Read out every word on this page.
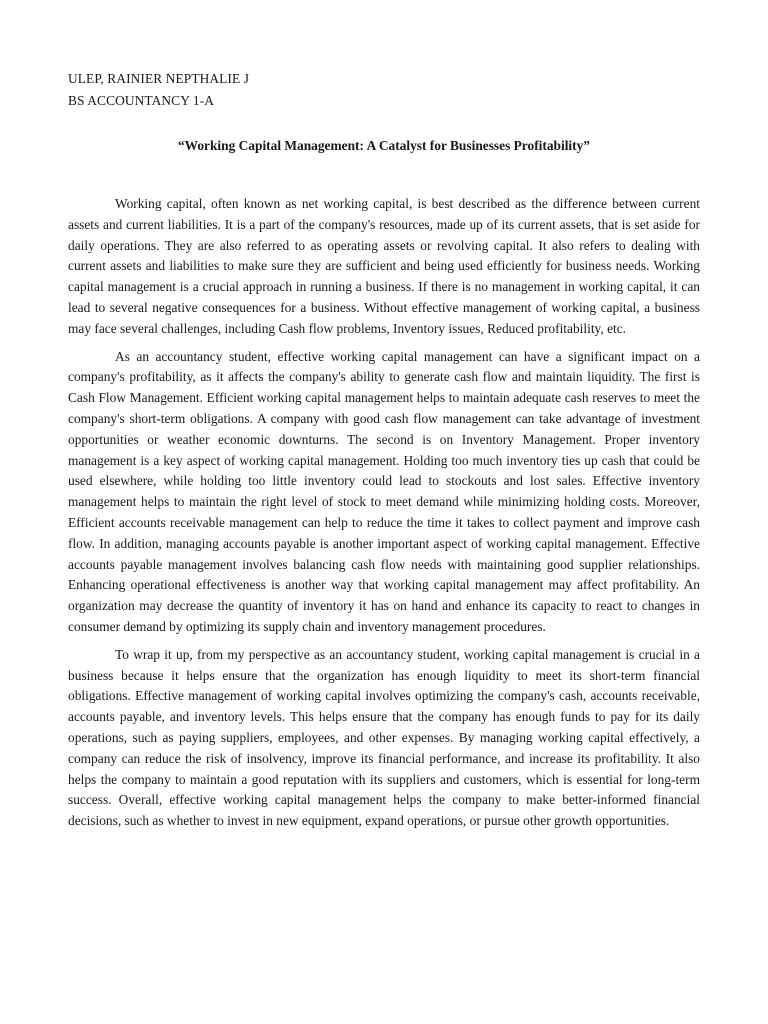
ULEP, RAINIER NEPTHALIE J
BS ACCOUNTANCY 1-A
“Working Capital Management: A Catalyst for Businesses Profitability”

Working capital, often known as net working capital, is best described as the difference between current assets and current liabilities. It is a part of the company's resources, made up of its current assets, that is set aside for daily operations. They are also referred to as operating assets or revolving capital. It also refers to dealing with current assets and liabilities to make sure they are sufficient and being used efficiently for business needs. Working capital management is a crucial approach in running a business. If there is no management in working capital, it can lead to several negative consequences for a business. Without effective management of working capital, a business may face several challenges, including Cash flow problems, Inventory issues, Reduced profitability, etc.

As an accountancy student, effective working capital management can have a significant impact on a company's profitability, as it affects the company's ability to generate cash flow and maintain liquidity. The first is Cash Flow Management. Efficient working capital management helps to maintain adequate cash reserves to meet the company's short-term obligations. A company with good cash flow management can take advantage of investment opportunities or weather economic downturns. The second is on Inventory Management. Proper inventory management is a key aspect of working capital management. Holding too much inventory ties up cash that could be used elsewhere, while holding too little inventory could lead to stockouts and lost sales. Effective inventory management helps to maintain the right level of stock to meet demand while minimizing holding costs. Moreover, Efficient accounts receivable management can help to reduce the time it takes to collect payment and improve cash flow. In addition, managing accounts payable is another important aspect of working capital management. Effective accounts payable management involves balancing cash flow needs with maintaining good supplier relationships. Enhancing operational effectiveness is another way that working capital management may affect profitability. An organization may decrease the quantity of inventory it has on hand and enhance its capacity to react to changes in consumer demand by optimizing its supply chain and inventory management procedures.

To wrap it up, from my perspective as an accountancy student, working capital management is crucial in a business because it helps ensure that the organization has enough liquidity to meet its short-term financial obligations. Effective management of working capital involves optimizing the company's cash, accounts receivable, accounts payable, and inventory levels. This helps ensure that the company has enough funds to pay for its daily operations, such as paying suppliers, employees, and other expenses. By managing working capital effectively, a company can reduce the risk of insolvency, improve its financial performance, and increase its profitability. It also helps the company to maintain a good reputation with its suppliers and customers, which is essential for long-term success. Overall, effective working capital management helps the company to make better-informed financial decisions, such as whether to invest in new equipment, expand operations, or pursue other growth opportunities.
